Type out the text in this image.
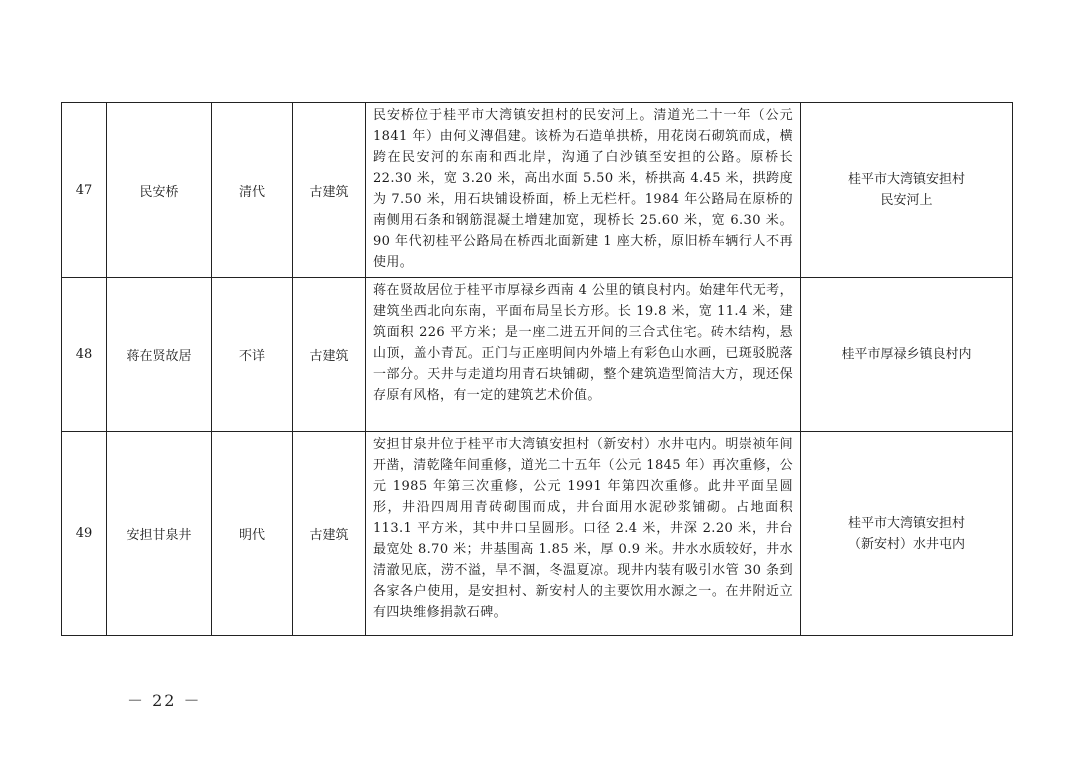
47	民安桥	清代	古建筑	民安桥位于桂平市大湾镇安担村的民安河上。清道光二十一年（公元 1841 年）由何义漙倡建。该桥为石造单拱桥，用花岗石砌筑而成，横跨在民安河的东南和西北岸，沟通了白沙镇至安担的公路。原桥长 22.30 米，宽 3.20 米，高出水面 5.50 米，桥拱高 4.45 米，拱跨度为 7.50 米，用石块铺设桥面，桥上无栏杆。1984 年公路局在原桥的南侧用石条和钢筋混凝土增建加宽，现桥长 25.60 米，宽 6.30 米。90 年代初桂平公路局在桥西北面新建 1 座大桥，原旧桥车辆行人不再使用。	桂平市大湾镇安担村
民安河上

48	蒋在贤故居	不详	古建筑	蒋在贤故居位于桂平市厚禄乡西南 4 公里的镇良村内。始建年代无考，建筑坐西北向东南，平面布局呈长方形。长 19.8 米，宽 11.4 米，建筑面积 226 平方米；是一座二进五开间的三合式住宅。砖木结构，悬山顶，盖小青瓦。正门与正座明间内外墙上有彩色山水画，已斑驳脱落一部分。天井与走道均用青石块铺砌，整个建筑造型简洁大方，现还保存原有风格，有一定的建筑艺术价值。	桂平市厚禄乡镇良村内

49	安担甘泉井	明代	古建筑	安担甘泉井位于桂平市大湾镇安担村（新安村）水井屯内。明崇祯年间开凿，清乾隆年间重修，道光二十五年（公元 1845 年）再次重修，公元 1985 年第三次重修，公元 1991 年第四次重修。此井平面呈圆形，井沿四周用青砖砌围而成，井台面用水泥砂浆铺砌。占地面积 113.1 平方米，其中井口呈圆形。口径 2.4 米，井深 2.20 米，井台最宽处 8.70 米；井基围高 1.85 米，厚 0.9 米。井水水质较好，井水清澈见底，涝不溢，旱不涸，冬温夏凉。现井内装有吸引水管 30 条到各家各户使用，是安担村、新安村人的主要饮用水源之一。在井附近立有四块维修捐款石碑。	桂平市大湾镇安担村
（新安村）水井屯内
－ 22 －
